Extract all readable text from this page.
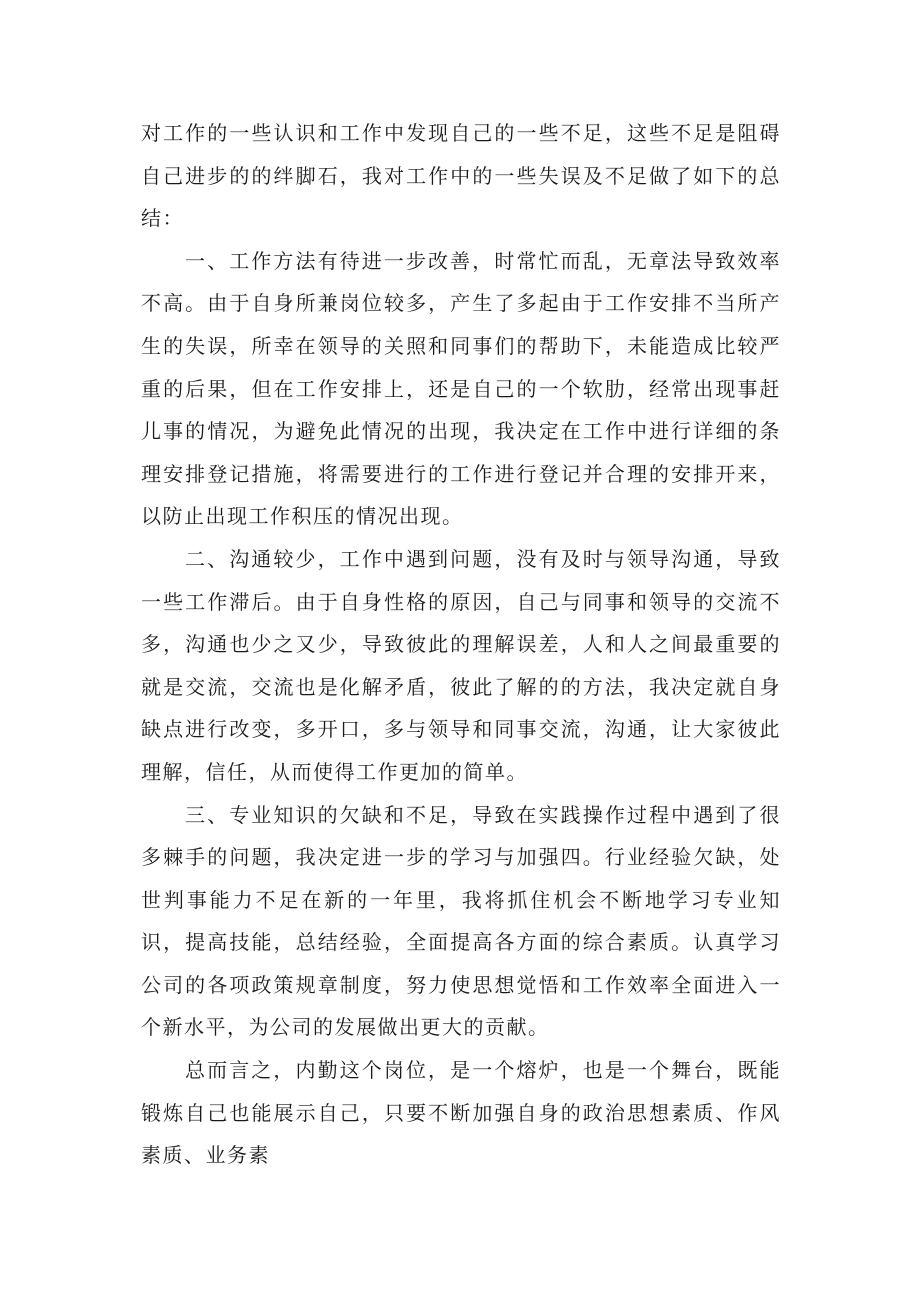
对工作的一些认识和工作中发现自己的一些不足，这些不足是阻碍自己进步的的绊脚石，我对工作中的一些失误及不足做了如下的总结：

一、工作方法有待进一步改善，时常忙而乱，无章法导致效率不高。由于自身所兼岗位较多，产生了多起由于工作安排不当所产生的失误，所幸在领导的关照和同事们的帮助下，未能造成比较严重的后果，但在工作安排上，还是自己的一个软肋，经常出现事赶儿事的情况，为避免此情况的出现，我决定在工作中进行详细的条理安排登记措施，将需要进行的工作进行登记并合理的安排开来，以防止出现工作积压的情况出现。

二、沟通较少，工作中遇到问题，没有及时与领导沟通，导致一些工作滞后。由于自身性格的原因，自己与同事和领导的交流不多，沟通也少之又少，导致彼此的理解误差，人和人之间最重要的就是交流，交流也是化解矛盾，彼此了解的的方法，我决定就自身缺点进行改变，多开口，多与领导和同事交流，沟通，让大家彼此理解，信任，从而使得工作更加的简单。

三、专业知识的欠缺和不足，导致在实践操作过程中遇到了很多棘手的问题，我决定进一步的学习与加强四。行业经验欠缺，处世判事能力不足在新的一年里，我将抓住机会不断地学习专业知识，提高技能，总结经验，全面提高各方面的综合素质。认真学习公司的各项政策规章制度，努力使思想觉悟和工作效率全面进入一个新水平，为公司的发展做出更大的贡献。

总而言之，内勤这个岗位，是一个熔炉，也是一个舞台，既能锻炼自己也能展示自己，只要不断加强自身的政治思想素质、作风素质、业务素
